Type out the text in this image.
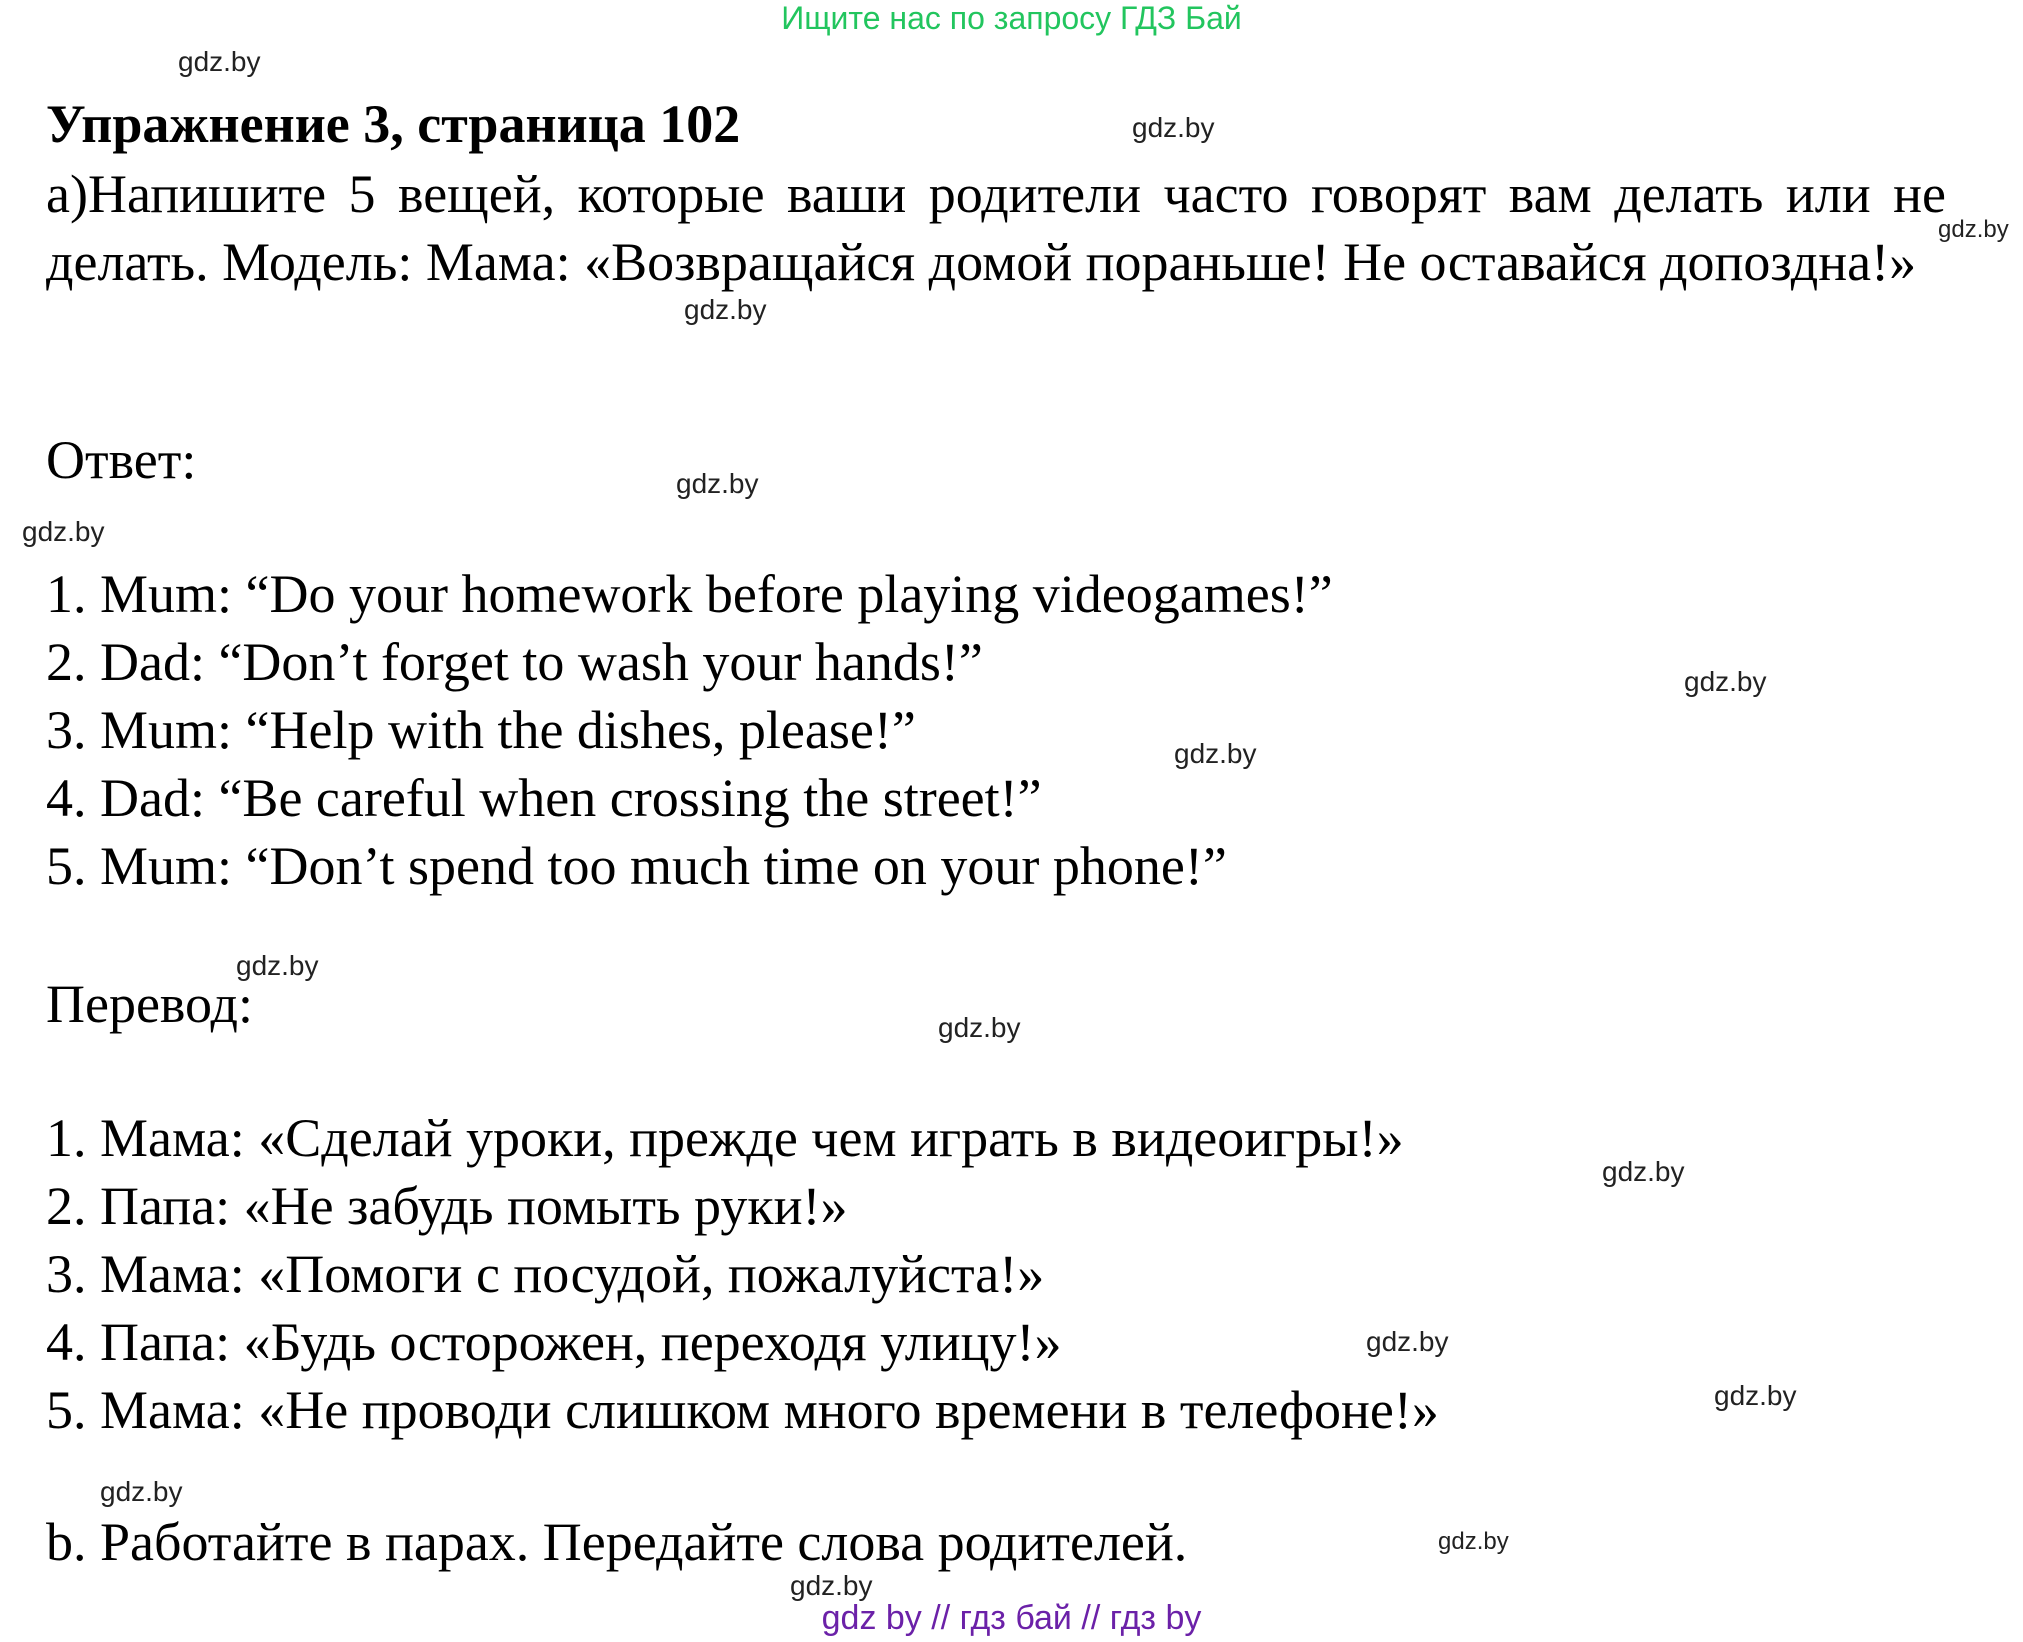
Ищите нас по запросу ГДЗ Бай
Упражнение 3, страница 102
a)Напишите 5 вещей, которые ваши родители часто говорят вам делать или не делать. Модель: Мама: «Возвращайся домой пораньше! Не оставайся допоздна!»
Ответ:
1. Mum: “Do your homework before playing videogames!”
2. Dad: “Don’t forget to wash your hands!”
3. Mum: “Help with the dishes, please!”
4. Dad: “Be careful when crossing the street!”
5. Mum: “Don’t spend too much time on your phone!”
Перевод:
1. Мама: «Сделай уроки, прежде чем играть в видеоигры!»
2. Папа: «Не забудь помыть руки!»
3. Мама: «Помоги с посудой, пожалуйста!»
4. Папа: «Будь осторожен, переходя улицу!»
5. Мама: «Не проводи слишком много времени в телефоне!»
b. Работайте в парах. Передайте слова родителей.
gdz.by
gdz.by
gdz.by
gdz.by
gdz.by
gdz.by
gdz.by
gdz.by
gdz.by
gdz.by
gdz.by
gdz.by
gdz.by
gdz.by
gdz.by
gdz.by
gdz by // гдз бай // гдз by
